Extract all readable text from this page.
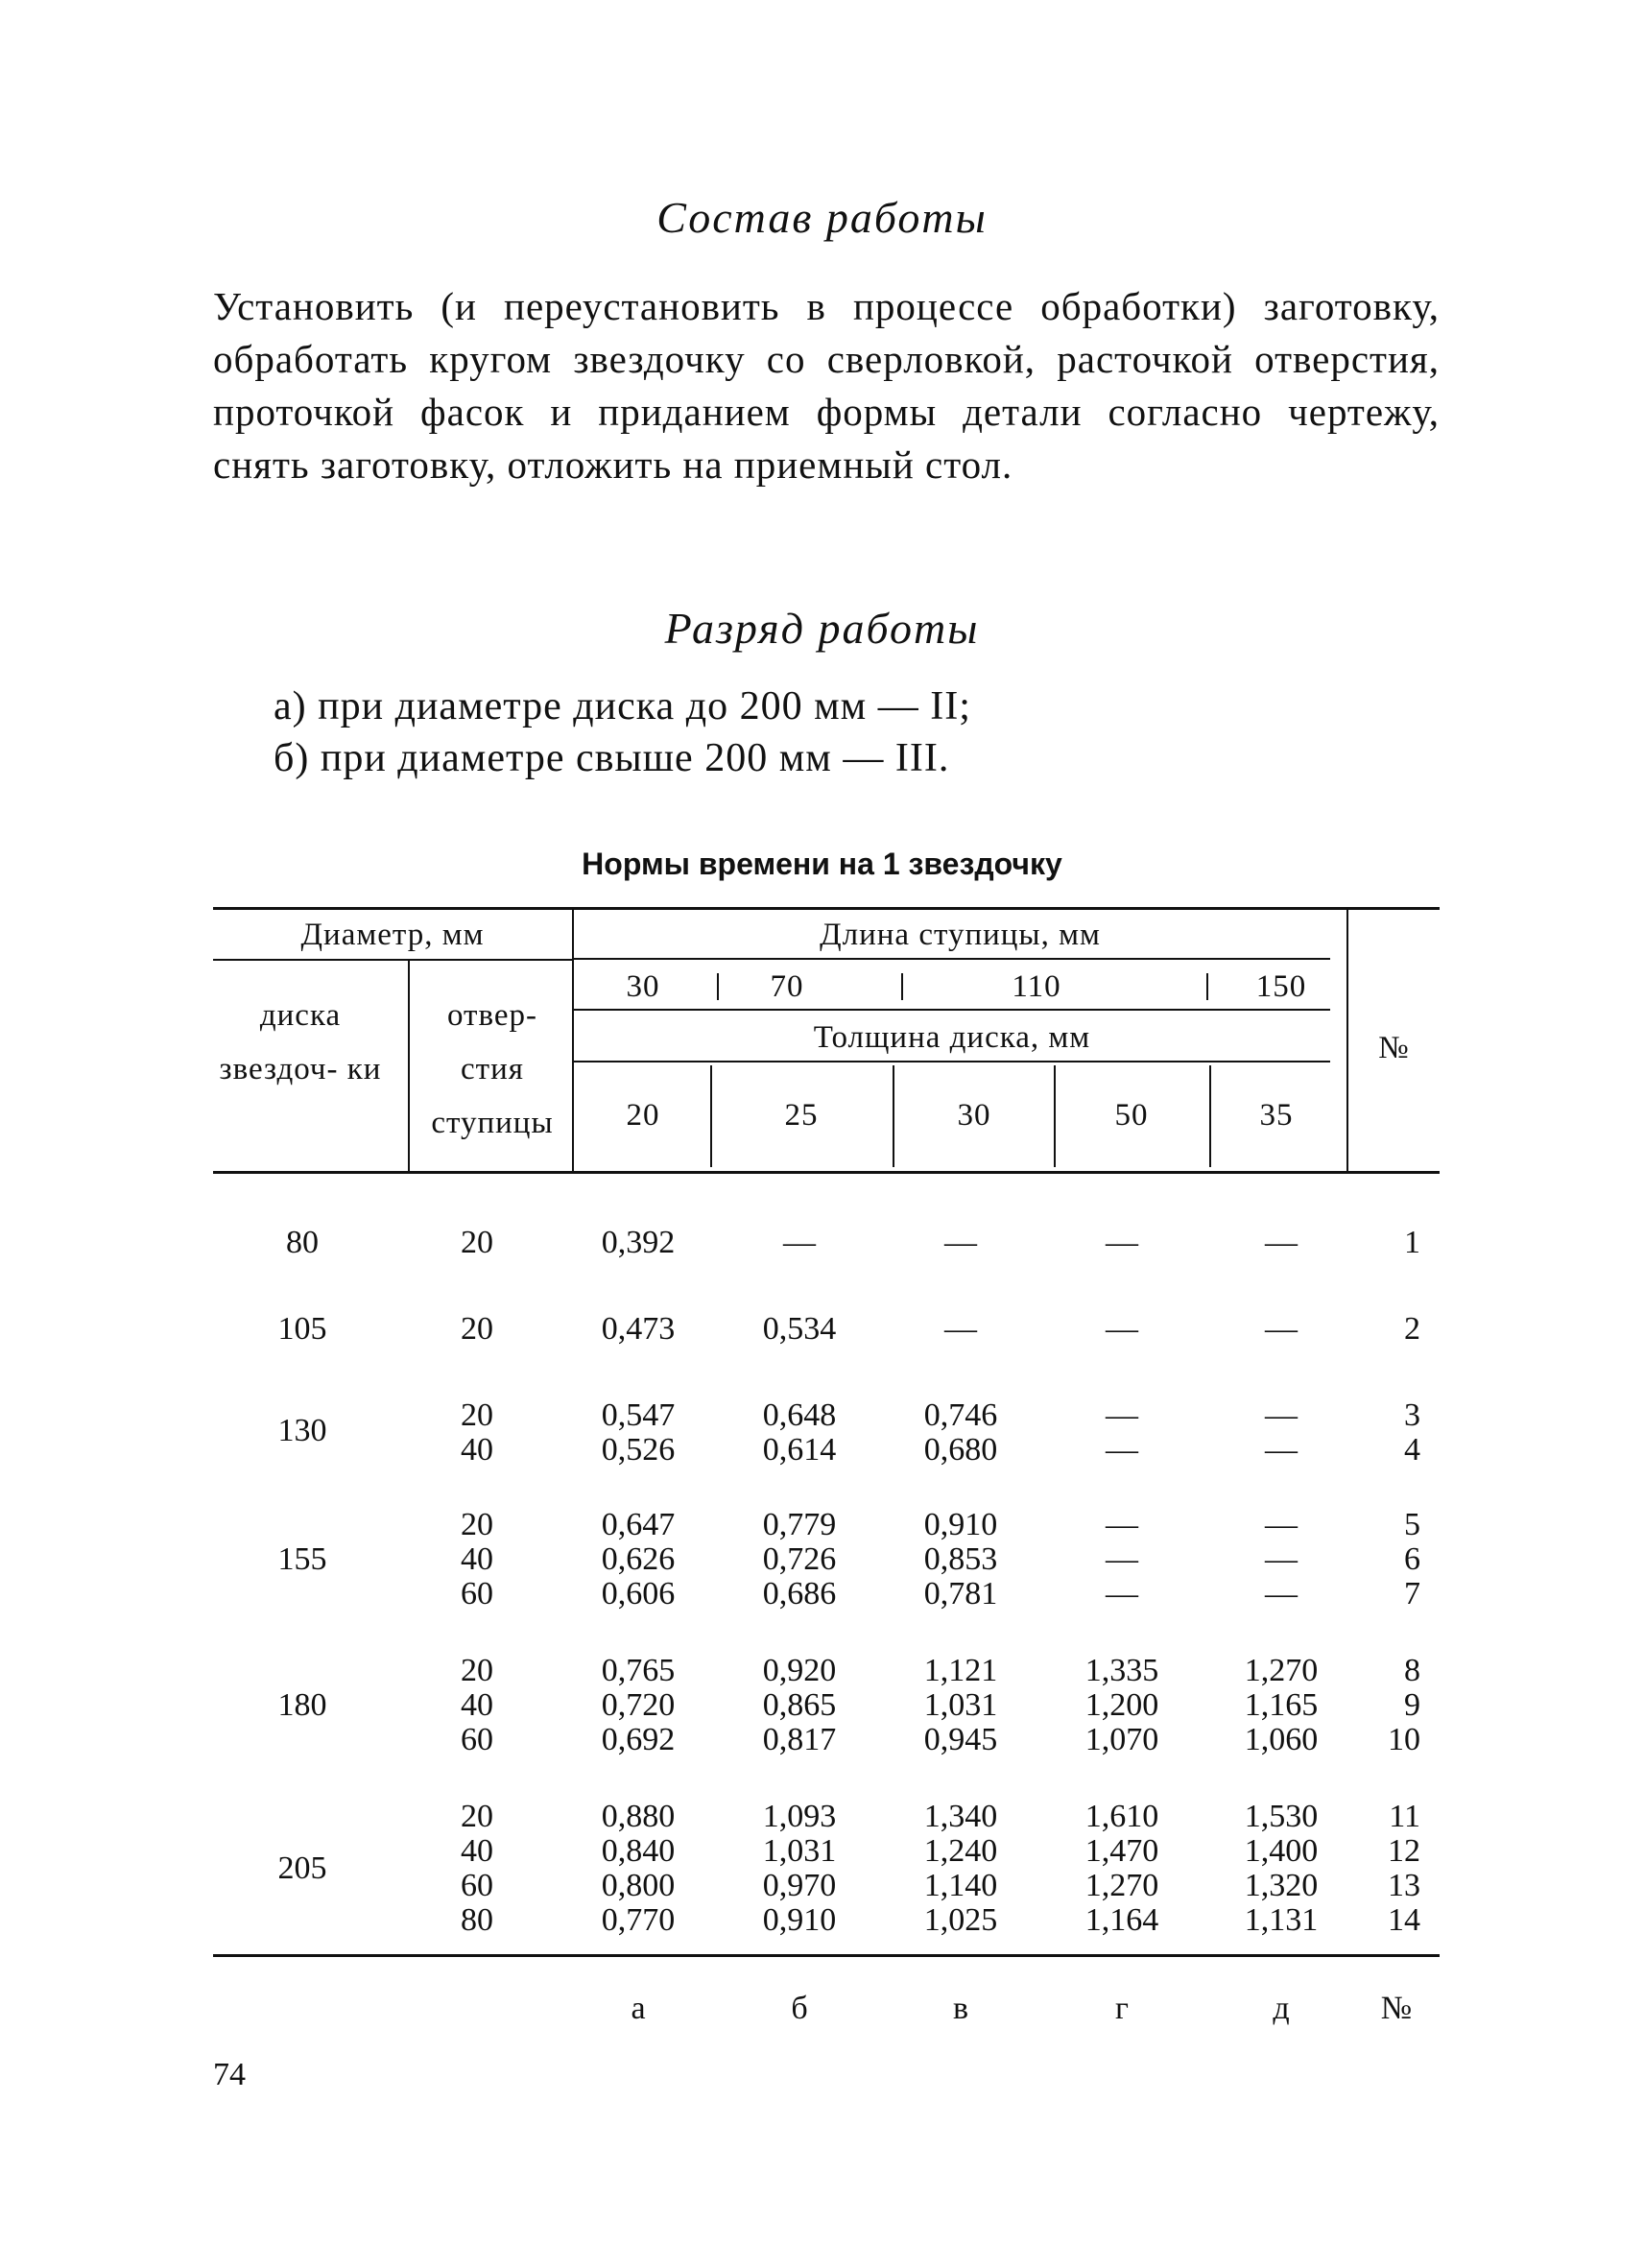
Состав работы
Установить (и переустановить в процессе обработки) заготовку, обработать кругом звездочку со сверловкой, расточкой отверстия, проточкой фасок и приданием формы детали согласно чертежу, снять заготовку, отложить на приемный стол.
Разряд работы
а) при диаметре диска до 200 мм — II;
б) при диаметре свыше 200 мм — III.
Нормы времени на 1 звездочку
Диаметр, мм
диска звездоч- ки
отвер- стия ступицы
Длина ступицы, мм
30	70	110	150
Толщина диска, мм
20	25	30	50	35
№
80	20	0,392	—	—	—	—	1
105	20	0,473	0,534	—	—	—	2
130	20	0,547	0,648	0,746	—	—	3
40	0,526	0,614	0,680	—	—	4
155
20	0,647	0,779	0,910	—	—	5
40	0,626	0,726	0,853	—	—	6
60	0,606	0,686	0,781	—	—	7
180
20	0,765	0,920	1,121	1,335	1,270	8
40	0,720	0,865	1,031	1,200	1,165	9
60	0,692	0,817	0,945	1,070	1,060	10
205
20	0,880	1,093	1,340	1,610	1,530	11
40	0,840	1,031	1,240	1,470	1,400	12
60	0,800	0,970	1,140	1,270	1,320	13
80	0,770	0,910	1,025	1,164	1,131	14
а	б	в	г	д	№
74
